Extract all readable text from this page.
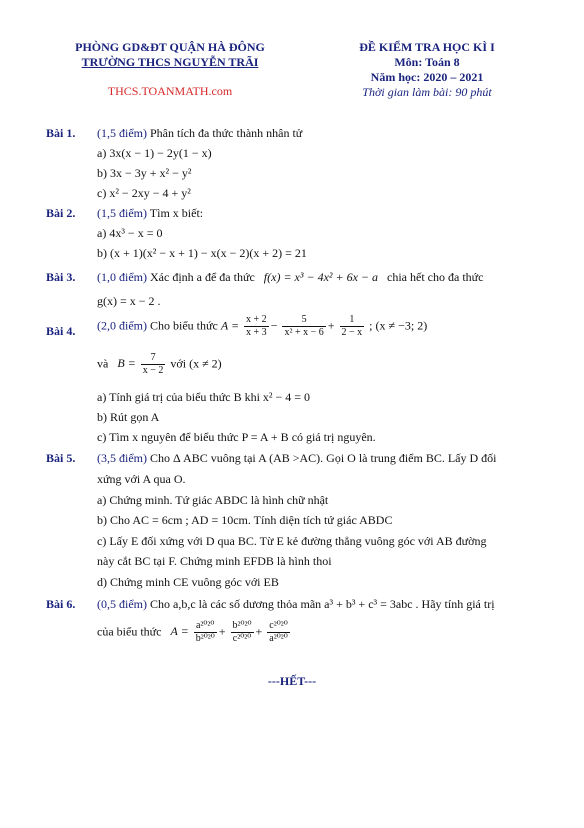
PHÒNG GD&ĐT QUẬN HÀ ĐÔNG
TRƯỜNG THCS NGUYỄN TRÃI
THCS.TOANMATH.com
ĐỀ KIỂM TRA HỌC KÌ I
Môn: Toán 8
Năm học: 2020 – 2021
Thời gian làm bài: 90 phút
Bài 1. (1,5 điểm) Phân tích đa thức thành nhân tử
a) 3x(x − 1) − 2y(1 − x)
b) 3x − 3y + x² − y²
c) x² − 2xy − 4 + y²
Bài 2. (1,5 điểm) Tìm x biết:
a) 4x³ − x = 0
b) (x + 1)(x² − x + 1) − x(x − 2)(x + 2) = 21
Bài 3. (1,0 điểm) Xác định a để đa thức f(x) = x³ − 4x² + 6x − a chia hết cho đa thức
g(x) = x − 2 .
Bài 4. (2,0 điểm) Cho biểu thức $A = \frac{x + 2}{x + 3} - \frac{5}{\text{x² + x − 6}} + \frac{1}{2 - x}$ ; (x ≠ −3; 2)
và $B = \frac{7}{x - 2}$ với (x ≠ 2)
a) Tính giá trị của biểu thức B khi x² − 4 = 0
b) Rút gọn A
c) Tìm x nguyên để biểu thức P = A + B có giá trị nguyên.
Bài 5. (3,5 điểm) Cho Δ ABC vuông tại A (AB >AC). Gọi O là trung điểm BC. Lấy D đối
xứng với A qua O.
a) Chứng minh. Tứ giác ABDC là hình chữ nhật
b) Cho AC = 6cm ; AD = 10cm. Tính diện tích tứ giác ABDC
c) Lấy E đối xứng với D qua BC. Từ E kẻ đường thẳng vuông góc với AB đường
này cắt BC tại F. Chứng minh EFDB là hình thoi
d) Chứng minh CE vuông góc với EB
Bài 6. (0,5 điểm) Cho a,b,c là các số dương thỏa mãn a³ + b³ + c³ = 3abc . Hãy tính giá trị
của biểu thức $A = \frac{\text{a²⁰²⁰}}{\text{b²⁰²⁰}} + \frac{\text{b²⁰²⁰}}{\text{c²⁰²⁰}} + \frac{\text{c²⁰²⁰}}{\text{a²⁰²⁰}}$
---HẾT---
